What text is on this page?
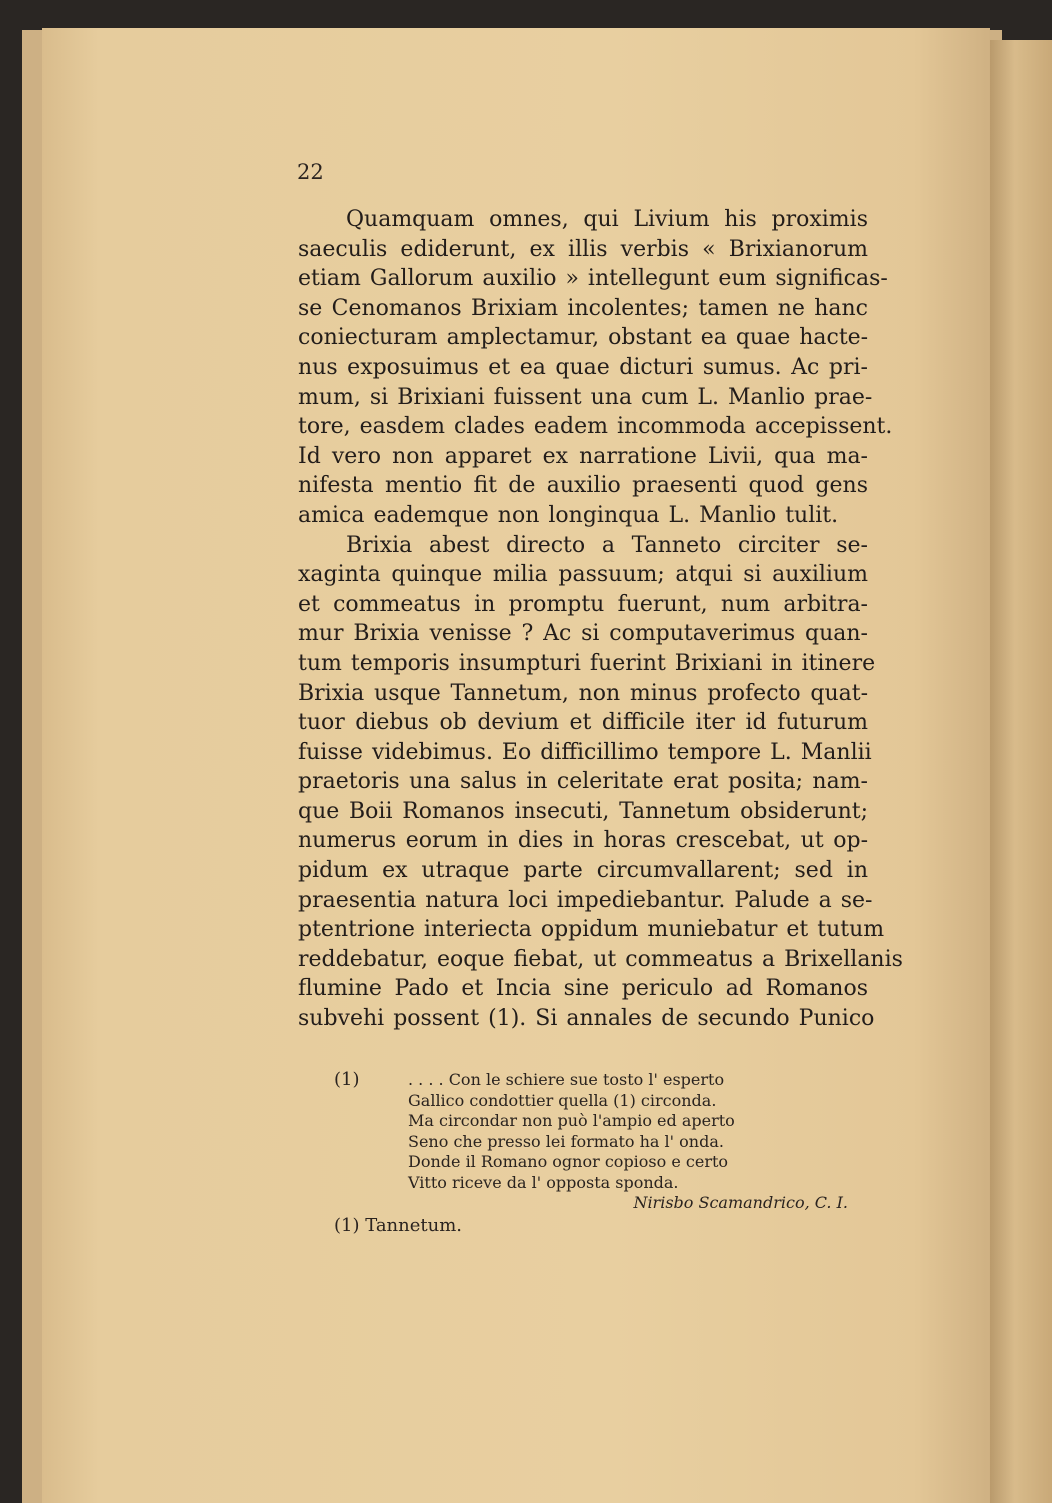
22
Quamquam omnes, qui Livium his proximis
saeculis ediderunt, ex illis verbis « Brixianorum
etiam Gallorum auxilio » intellegunt eum significas-
se Cenomanos Brixiam incolentes; tamen ne hanc
coniecturam amplectamur, obstant ea quae hacte-
nus exposuimus et ea quae dicturi sumus. Ac pri-
mum, si Brixiani fuissent una cum L. Manlio prae-
tore, easdem clades eadem incommoda accepissent.
Id vero non apparet ex narratione Livii, qua ma-
nifesta mentio fit de auxilio praesenti quod gens
amica eademque non longinqua L. Manlio tulit.
Brixia abest directo a Tanneto circiter se-
xaginta quinque milia passuum; atqui si auxilium
et commeatus in promptu fuerunt, num arbitra-
mur Brixia venisse ? Ac si computaverimus quan-
tum temporis insumpturi fuerint Brixiani in itinere
Brixia usque Tannetum, non minus profecto quat-
tuor diebus ob devium et difficile iter id futurum
fuisse videbimus. Eo difficillimo tempore L. Manlii
praetoris una salus in celeritate erat posita; nam-
que Boii Romanos insecuti, Tannetum obsiderunt;
numerus eorum in dies in horas crescebat, ut op-
pidum ex utraque parte circumvallarent; sed in
praesentia natura loci impediebantur. Palude a se-
ptentrione interiecta oppidum muniebatur et tutum
reddebatur, eoque fiebat, ut commeatus a Brixellanis
flumine Pado et Incia sine periculo ad Romanos
subvehi possent (1). Si annales de secundo Punico
(1)	. . . . Con le schiere sue tosto l' esperto
Gallico condottier quella (1) circonda.
Ma circondar non può l'ampio ed aperto
Seno che presso lei formato ha l' onda.
Donde il Romano ognor copioso e certo
Vitto riceve da l' opposta sponda.
Nirisbo Scamandrico, C. I.
(1) Tannetum.
